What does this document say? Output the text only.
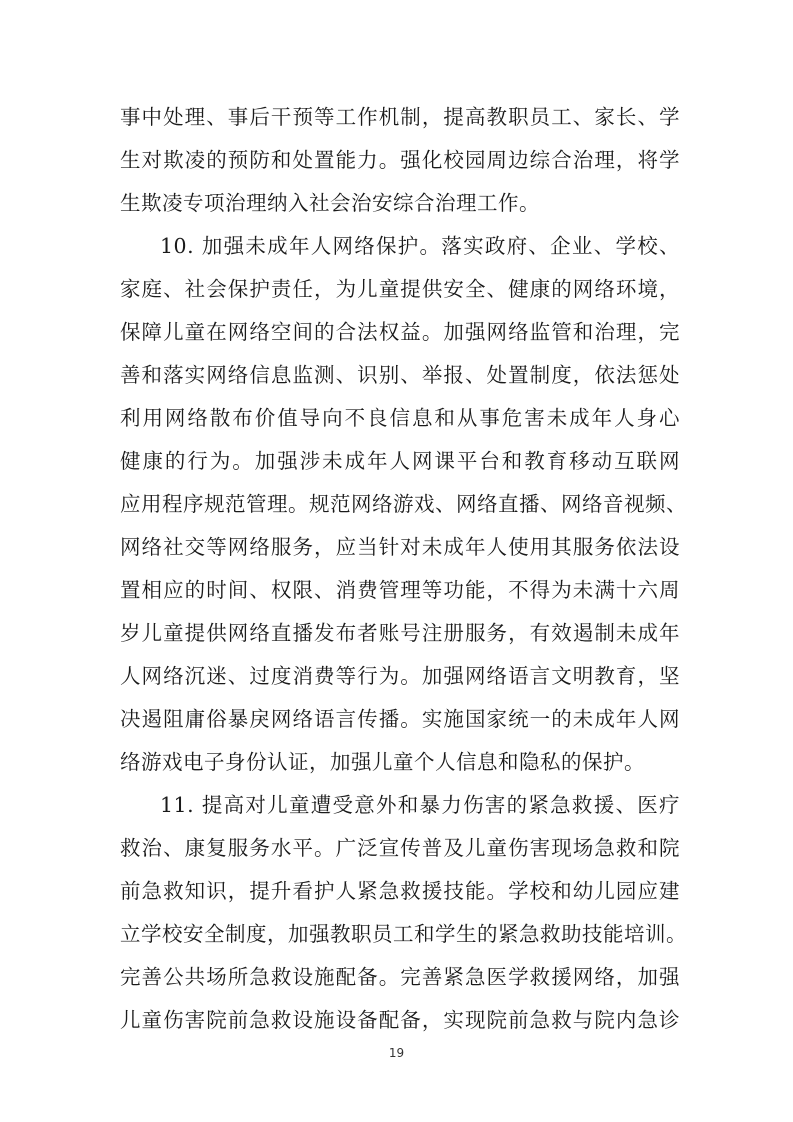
事中处理、事后干预等工作机制，提高教职员工、家长、学
生对欺凌的预防和处置能力。强化校园周边综合治理，将学
生欺凌专项治理纳入社会治安综合治理工作。
10. 加强未成年人网络保护。落实政府、企业、学校、
家庭、社会保护责任，为儿童提供安全、健康的网络环境，
保障儿童在网络空间的合法权益。加强网络监管和治理，完
善和落实网络信息监测、识别、举报、处置制度，依法惩处
利用网络散布价值导向不良信息和从事危害未成年人身心
健康的行为。加强涉未成年人网课平台和教育移动互联网
应用程序规范管理。规范网络游戏、网络直播、网络音视频、
网络社交等网络服务，应当针对未成年人使用其服务依法设
置相应的时间、权限、消费管理等功能，不得为未满十六周
岁儿童提供网络直播发布者账号注册服务，有效遏制未成年
人网络沉迷、过度消费等行为。加强网络语言文明教育，坚
决遏阻庸俗暴戾网络语言传播。实施国家统一的未成年人网
络游戏电子身份认证，加强儿童个人信息和隐私的保护。
11. 提高对儿童遭受意外和暴力伤害的紧急救援、医疗
救治、康复服务水平。广泛宣传普及儿童伤害现场急救和院
前急救知识，提升看护人紧急救援技能。学校和幼儿园应建
立学校安全制度，加强教职员工和学生的紧急救助技能培训。
完善公共场所急救设施配备。完善紧急医学救援网络，加强
儿童伤害院前急救设施设备配备，实现院前急救与院内急诊
19
